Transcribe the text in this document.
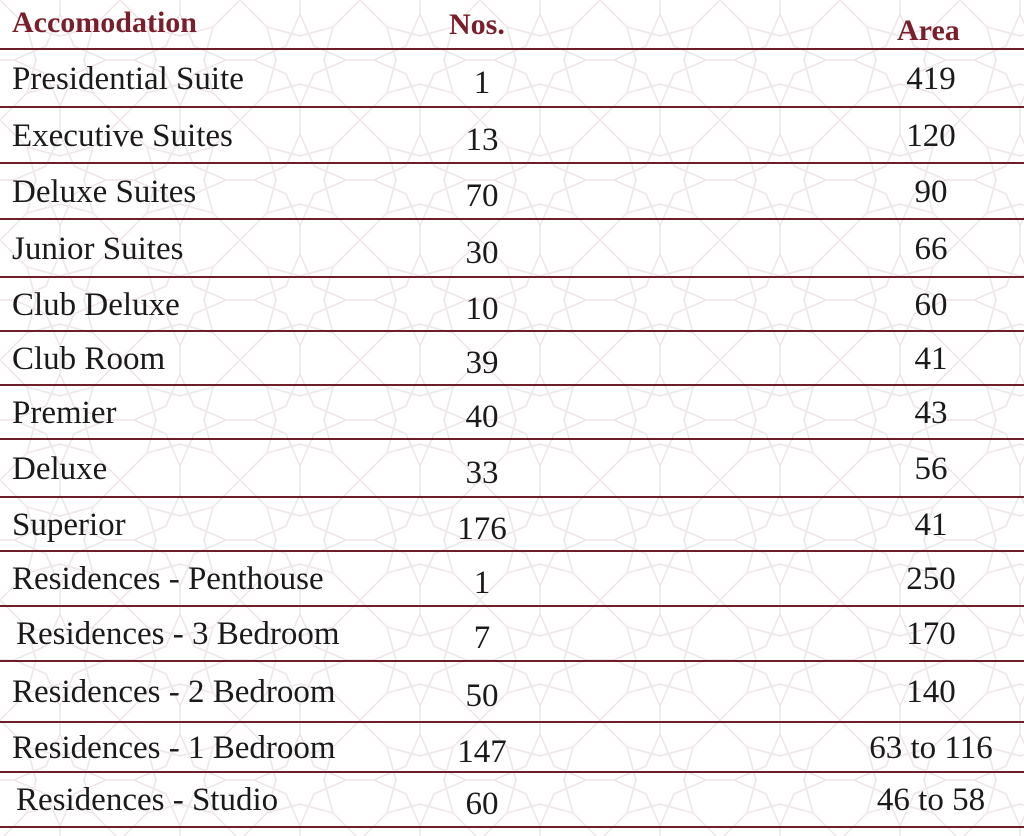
Accomodation	Nos.	Area
Presidential Suite	1	419
Executive Suites	13	120
Deluxe Suites	70	90
Junior Suites	30	66
Club Deluxe	10	60
Club Room	39	41
Premier	40	43
Deluxe	33	56
Superior	176	41
Residences - Penthouse	1	250
Residences - 3 Bedroom	7	170
Residences - 2 Bedroom	50	140
Residences - 1 Bedroom	147	63 to 116
Residences - Studio	60	46 to 58
